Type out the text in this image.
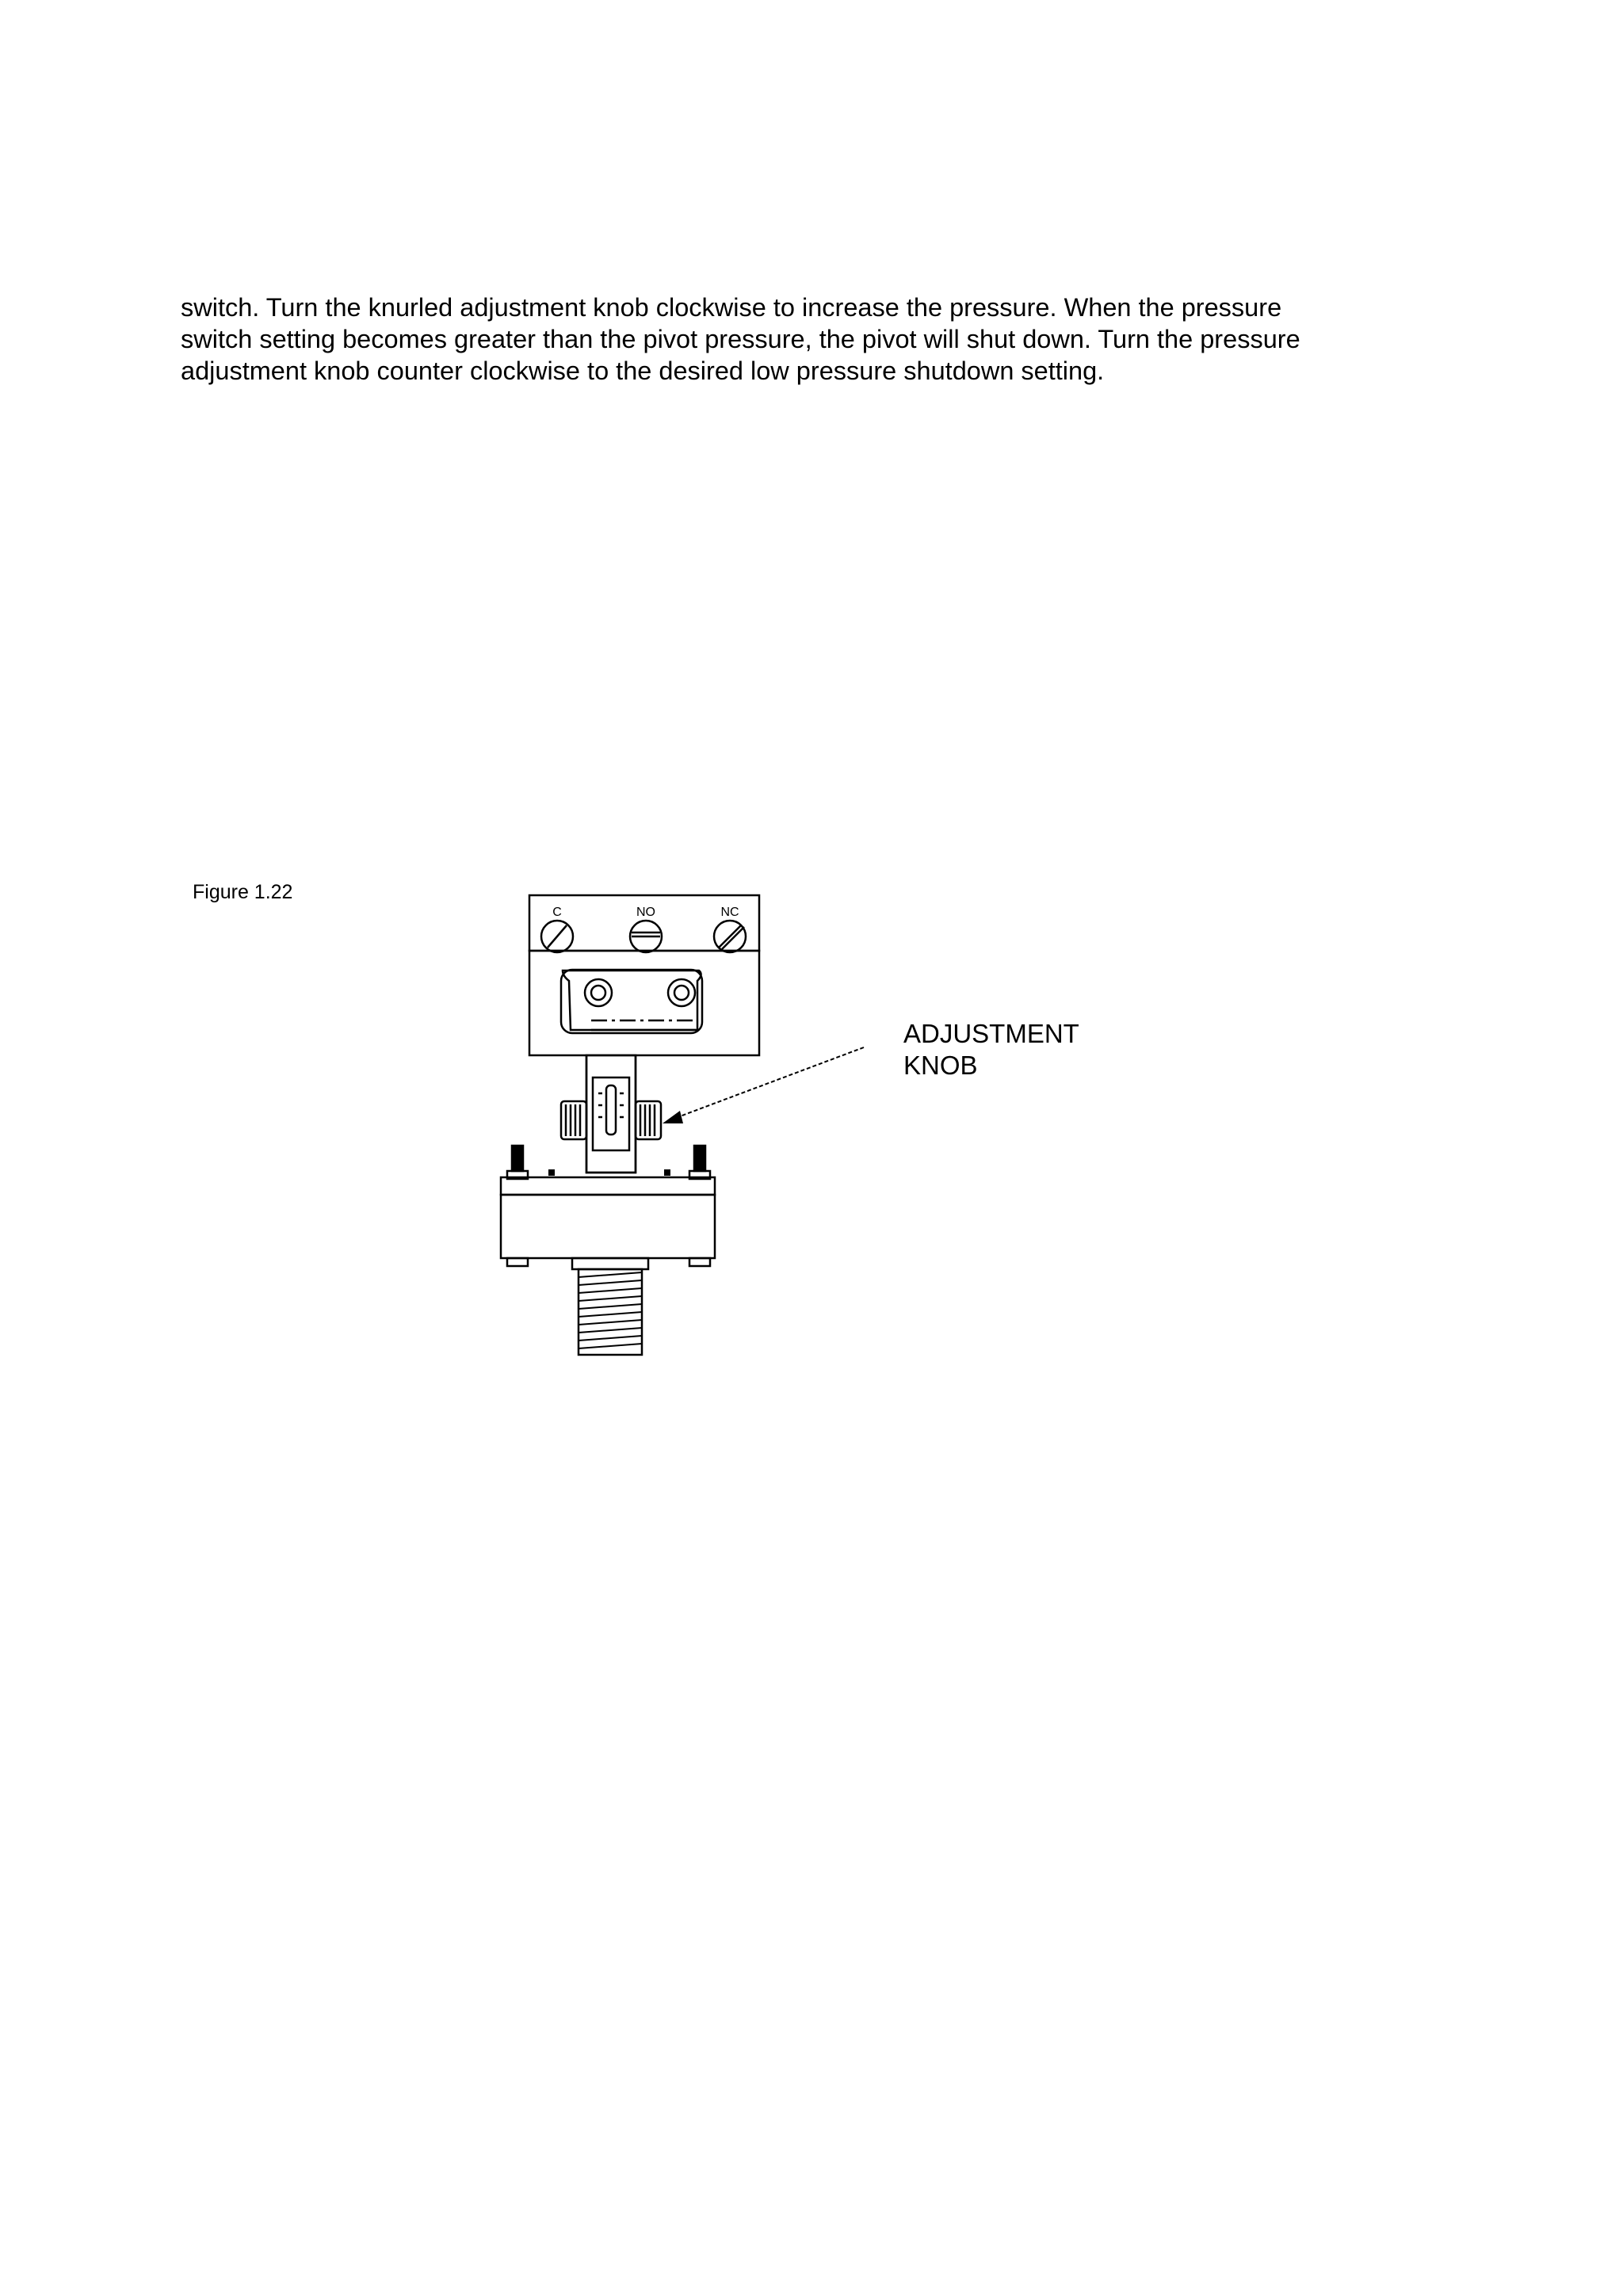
switch. Turn the knurled adjustment knob clockwise to increase the pressure. When the pressure
switch setting becomes greater than the pivot pressure, the pivot will shut down. Turn the pressure
adjustment knob counter clockwise to the desired low pressure shutdown setting.
Figure 1.22
C	NO	NC
ADJUSTMENT
KNOB
